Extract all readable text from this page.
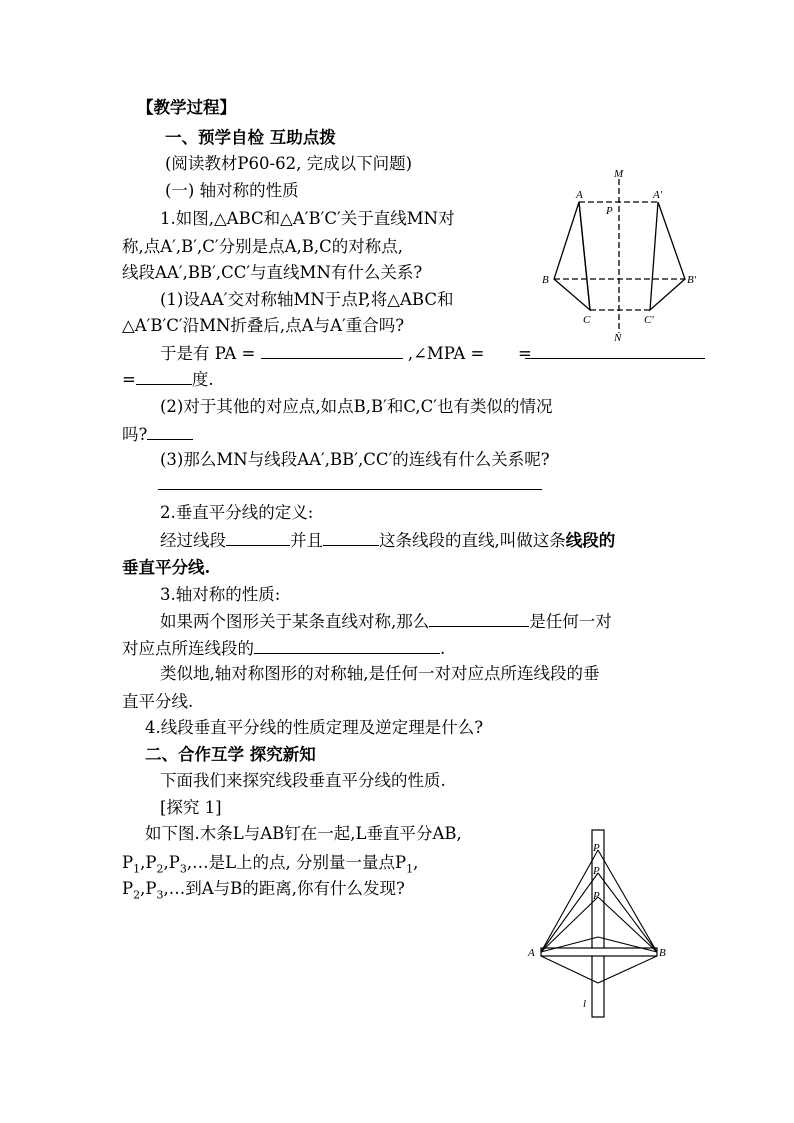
【教学过程】
一、预学自检 互助点拨
(阅读教材P60-62, 完成以下问题)
(一) 轴对称的性质
1.如图,△ABC和△A′B′C′关于直线MN对
称,点A′,B′,C′分别是点A,B,C的对称点,
线段AA′,BB′,CC′与直线MN有什么关系?
(1)设AA′交对称轴MN于点P,将△ABC和
△A′B′C′沿MN折叠后,点A与A′重合吗?
于是有 PA =	,∠MPA = =
=	度.
(2)对于其他的对应点,如点B,B′和C,C′也有类似的情况
吗?
(3)那么MN与线段AA′,BB′,CC′的连线有什么关系呢?
2.垂直平分线的定义:
经过线段	并且	这条线段的直线,叫做这条线段的
垂直平分线.
3.轴对称的性质:
如果两个图形关于某条直线对称,那么	是任何一对
对应点所连线段的	.
类似地,轴对称图形的对称轴,是任何一对对应点所连线段的垂
直平分线.
4.线段垂直平分线的性质定理及逆定理是什么?
二、合作互学 探究新知
下面我们来探究线段垂直平分线的性质.
[探究 1]
如下图.木条L与AB钉在一起,L垂直平分AB,
$P_1,P_2,P_3,\dots$是L上的点, 分别量一量点$P_1$,
$P_2,P_3,\dots$到A与B的距离,你有什么发现?
M
A	A′
P
B	B′
C	C′
N
P
P
P
A	B
l
